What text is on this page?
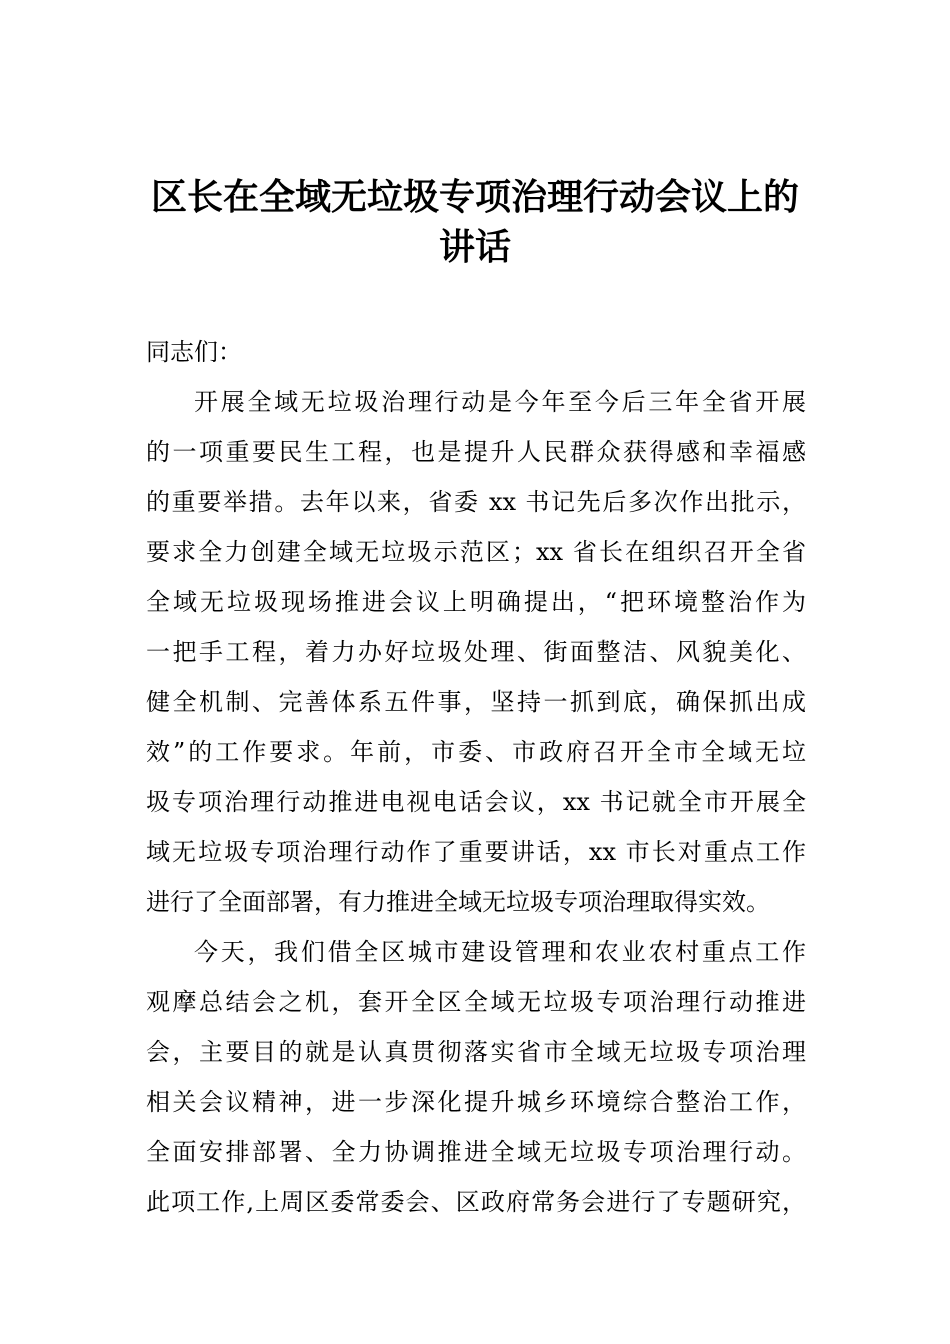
区长在全域无垃圾专项治理行动会议上的
讲话
同志们：
开展全域无垃圾治理行动是今年至今后三年全省开展
的一项重要民生工程，也是提升人民群众获得感和幸福感
的重要举措。去年以来，省委 xx 书记先后多次作出批示，
要求全力创建全域无垃圾示范区；xx 省长在组织召开全省
全域无垃圾现场推进会议上明确提出，“把环境整治作为
一把手工程，着力办好垃圾处理、街面整洁、风貌美化、
健全机制、完善体系五件事，坚持一抓到底，确保抓出成
效”的工作要求。年前，市委、市政府召开全市全域无垃
圾专项治理行动推进电视电话会议，xx 书记就全市开展全
域无垃圾专项治理行动作了重要讲话，xx 市长对重点工作
进行了全面部署，有力推进全域无垃圾专项治理取得实效。
今天，我们借全区城市建设管理和农业农村重点工作
观摩总结会之机，套开全区全域无垃圾专项治理行动推进
会，主要目的就是认真贯彻落实省市全域无垃圾专项治理
相关会议精神，进一步深化提升城乡环境综合整治工作，
全面安排部署、全力协调推进全域无垃圾专项治理行动。
此项工作,上周区委常委会、区政府常务会进行了专题研究，
